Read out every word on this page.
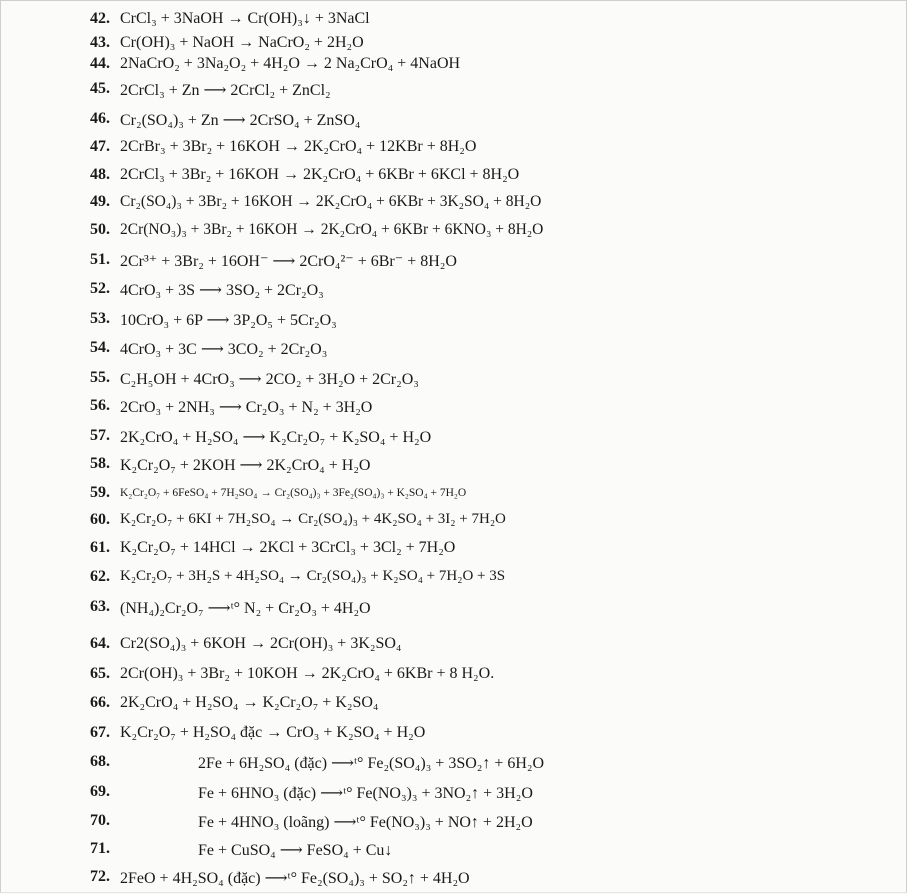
42. CrCl₃ + 3NaOH → Cr(OH)₃↓ + 3NaCl
43. Cr(OH)₃ + NaOH → NaCrO₂ + 2H₂O
44. 2NaCrO₂ + 3Na₂O₂ + 4H₂O → 2 Na₂CrO₄ + 4NaOH
45. 2CrCl₃ + Zn ⟶ 2CrCl₂ + ZnCl₂
46. Cr₂(SO₄)₃ + Zn ⟶ 2CrSO₄ + ZnSO₄
47. 2CrBr₃ + 3Br₂ + 16KOH → 2K₂CrO₄ + 12KBr + 8H₂O
48. 2CrCl₃ + 3Br₂ + 16KOH → 2K₂CrO₄ + 6KBr + 6KCl + 8H₂O
49. Cr₂(SO₄)₃ + 3Br₂ + 16KOH → 2K₂CrO₄ + 6KBr + 3K₂SO₄ + 8H₂O
50. 2Cr(NO₃)₃ + 3Br₂ + 16KOH → 2K₂CrO₄ + 6KBr + 6KNO₃ + 8H₂O
51. 2Cr³⁺ + 3Br₂ + 16OH⁻ ⟶ 2CrO₄²⁻ + 6Br⁻ + 8H₂O
52. 4CrO₃ + 3S ⟶ 3SO₂ + 2Cr₂O₃
53. 10CrO₃ + 6P ⟶ 3P₂O₅ + 5Cr₂O₃
54. 4CrO₃ + 3C ⟶ 3CO₂ + 2Cr₂O₃
55. C₂H₅OH + 4CrO₃ ⟶ 2CO₂ + 3H₂O + 2Cr₂O₃
56. 2CrO₃ + 2NH₃ ⟶ Cr₂O₃ + N₂ + 3H₂O
57. 2K₂CrO₄ + H₂SO₄ ⟶ K₂Cr₂O₇ + K₂SO₄ + H₂O
58. K₂Cr₂O₇ + 2KOH ⟶ 2K₂CrO₄ + H₂O
59. K₂Cr₂O₇ + 6FeSO₄ + 7H₂SO₄ → Cr₂(SO₄)₃ + 3Fe₂(SO₄)₃ + K₂SO₄ + 7H₂O
60. K₂Cr₂O₇ + 6KI + 7H₂SO₄ → Cr₂(SO₄)₃ + 4K₂SO₄ + 3I₂ + 7H₂O
61. K₂Cr₂O₇ + 14HCl → 2KCl + 3CrCl₃ + 3Cl₂ + 7H₂O
62. K₂Cr₂O₇ + 3H₂S + 4H₂SO₄ → Cr₂(SO₄)₃ + K₂SO₄ + 7H₂O + 3S
63. (NH₄)₂Cr₂O₇ ⟶ᵗ° N₂ + Cr₂O₃ + 4H₂O
64. Cr2(SO₄)₃ + 6KOH → 2Cr(OH)₃ + 3K₂SO₄
65. 2Cr(OH)₃ + 3Br₂ + 10KOH → 2K₂CrO₄ + 6KBr + 8 H₂O.
66. 2K₂CrO₄ + H₂SO₄ → K₂Cr₂O₇ + K₂SO₄
67. K₂Cr₂O₇ + H₂SO₄ đặc → CrO₃ + K₂SO₄ + H₂O
68.	2Fe + 6H₂SO₄ (đặc) ⟶ᵗ° Fe₂(SO₄)₃ + 3SO₂↑ + 6H₂O
69.	Fe + 6HNO₃ (đặc) ⟶ᵗ° Fe(NO₃)₃ + 3NO₂↑ + 3H₂O
70.	Fe + 4HNO₃ (loãng) ⟶ᵗ° Fe(NO₃)₃ + NO↑ + 2H₂O
71.	Fe + CuSO₄ ⟶ FeSO₄ + Cu↓
72. 2FeO + 4H₂SO₄ (đặc) ⟶ᵗ° Fe₂(SO₄)₃ + SO₂↑ + 4H₂O
